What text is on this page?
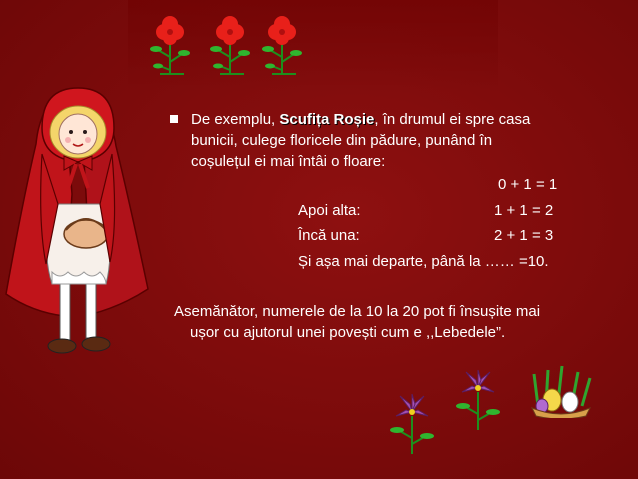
De exemplu, Scufița Roșie, în drumul ei spre casa
bunicii, culege floricele din pădure, punând în
coșulețul ei mai întâi o floare:
0 + 1 = 1
Apoi alta:	1 + 1 = 2
Încă una:	2 + 1 = 3
Și așa mai departe, până la …… =10.
Asemănător, numerele de la 10 la 20 pot fi însușite mai
ușor cu ajutorul unei povești cum e ,,Lebedele”.
